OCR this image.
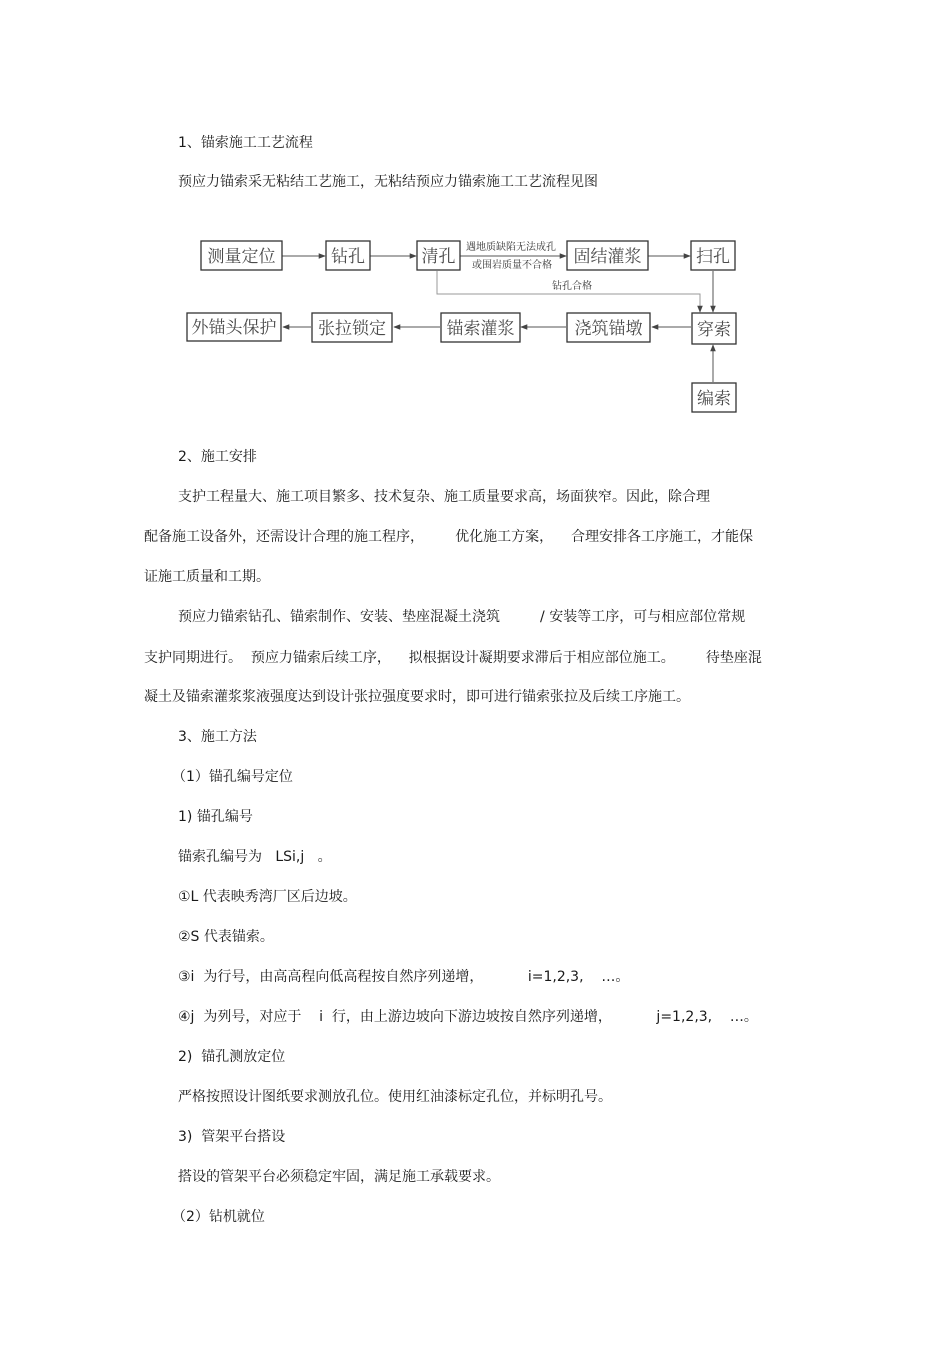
1、锚索施工工艺流程

预应力锚索采无粘结工艺施工，无粘结预应力锚索施工工艺流程见图

测量定位	钻孔	清孔	固结灌浆	扫孔
遇地质缺陷无法成孔
或围岩质量不合格
钻孔合格
穿索
浇筑锚墩
锚索灌浆
张拉锁定
外锚头保护
编索

2、施工安排

支护工程量大、施工项目繁多、技术复杂、施工质量要求高，场面狭窄。因此，除合理

配备施工设备外，还需设计合理的施工程序，       优化施工方案，    合理安排各工序施工，才能保

证施工质量和工期。

预应力锚索钻孔、锚索制作、安装、垫座混凝土浇筑         / 安装等工序，可与相应部位常规

支护同期进行。  预应力锚索后续工序，    拟根据设计凝期要求滞后于相应部位施工。       待垫座混

凝土及锚索灌浆浆液强度达到设计张拉强度要求时，即可进行锚索张拉及后续工序施工。

3、施工方法

（1）锚孔编号定位

1) 锚孔编号

锚索孔编号为   LSi,j   。

①L 代表映秀湾厂区后边坡。

②S 代表锚索。

③i  为行号，由高高程向低高程按自然序列递增，          i=1,2,3,    …。

④j  为列号，对应于    i  行，由上游边坡向下游边坡按自然序列递增，          j=1,2,3,    …。

2)  锚孔测放定位

严格按照设计图纸要求测放孔位。使用红油漆标定孔位，并标明孔号。

3)  管架平台搭设

搭设的管架平台必须稳定牢固，满足施工承载要求。

（2）钻机就位
